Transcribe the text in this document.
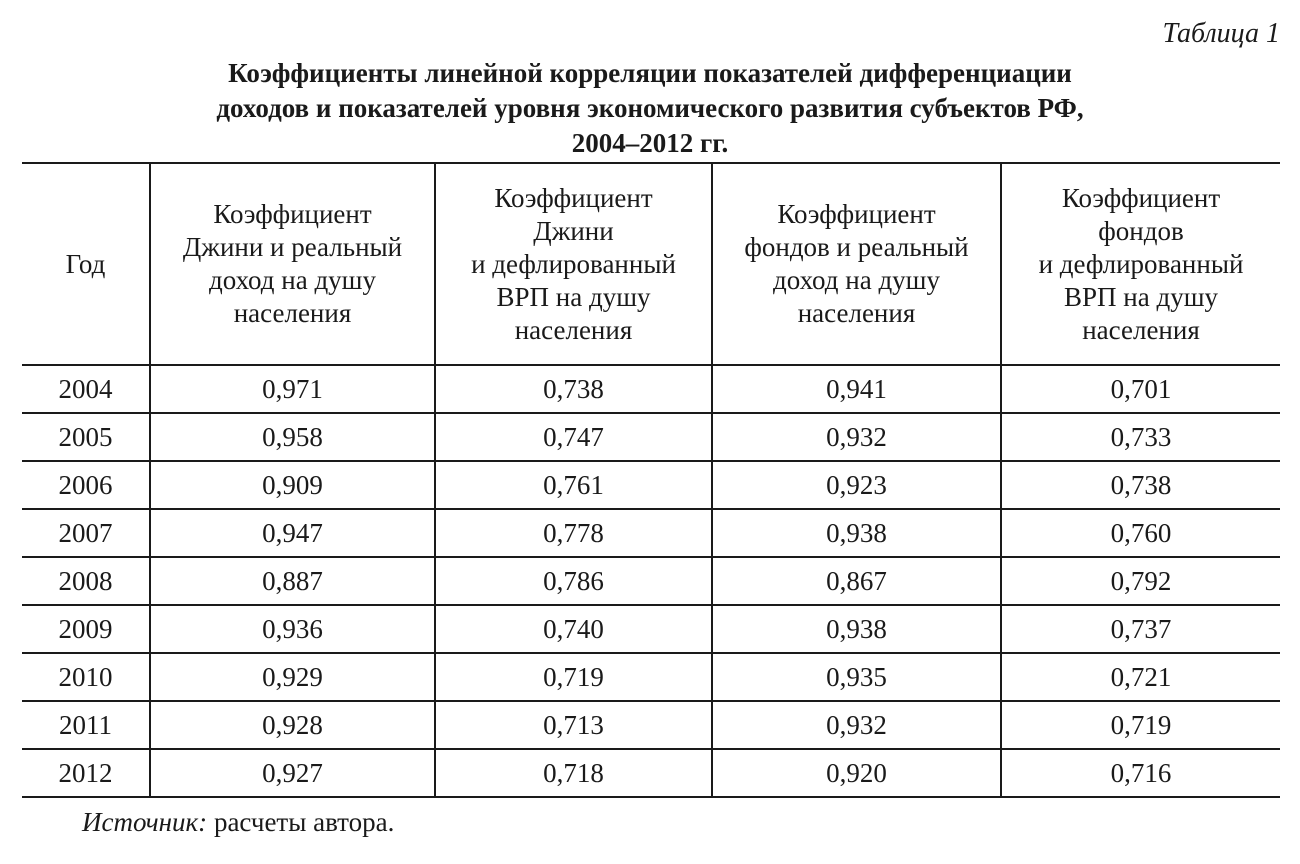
Таблица 1
Коэффициенты линейной корреляции показателей дифференциации
доходов и показателей уровня экономического развития субъектов РФ,
2004–2012 гг.
Год	Коэффициент
Джини и реальный
доход на душу
населения	Коэффициент
Джини
и дефлированный
ВРП на душу
населения	Коэффициент
фондов и реальный
доход на душу
населения	Коэффициент
фондов
и дефлированный
ВРП на душу
населения

2004	0,971	0,738	0,941	0,701
2005	0,958	0,747	0,932	0,733
2006	0,909	0,761	0,923	0,738
2007	0,947	0,778	0,938	0,760
2008	0,887	0,786	0,867	0,792
2009	0,936	0,740	0,938	0,737
2010	0,929	0,719	0,935	0,721
2011	0,928	0,713	0,932	0,719
2012	0,927	0,718	0,920	0,716
Источник: расчеты автора.
